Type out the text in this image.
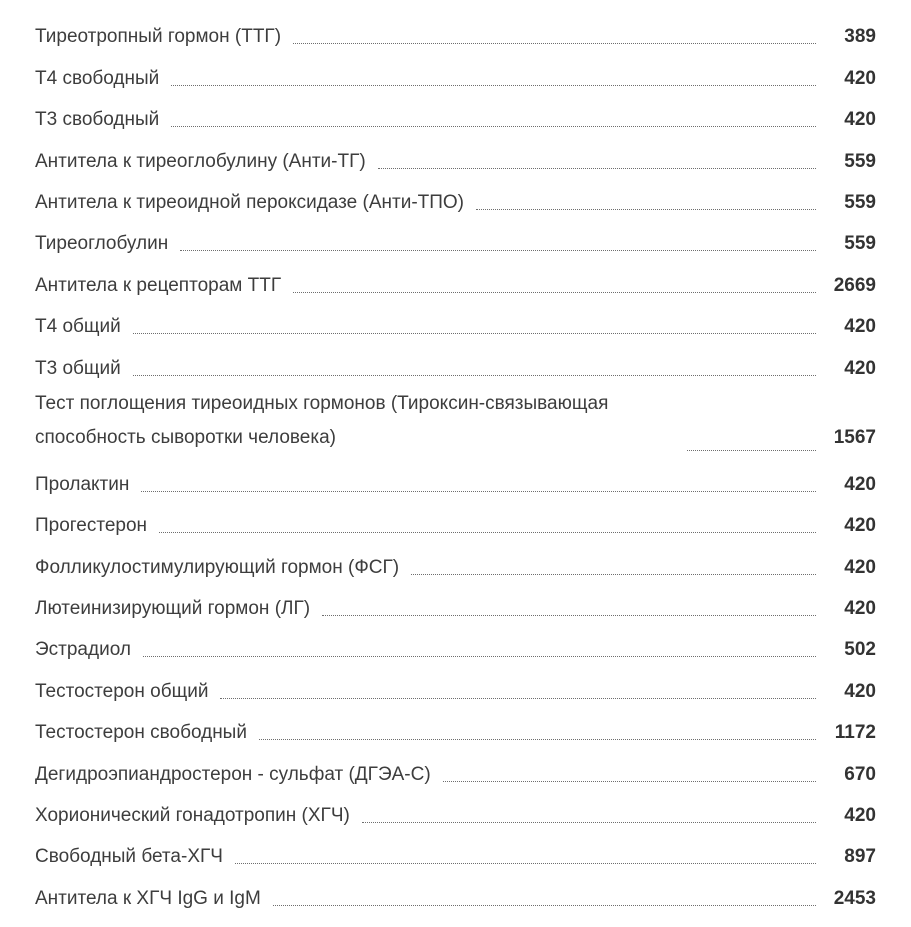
Тиреотропный гормон (ТТГ)	389
Т4 свободный	420
Т3 свободный	420
Антитела к тиреоглобулину (Анти-ТГ)	559
Антитела к тиреоидной пероксидазе (Анти-ТПО)	559
Тиреоглобулин	559
Антитела к рецепторам ТТГ	2669
Т4 общий	420
Т3 общий	420
Тест поглощения тиреоидных гормонов (Тироксин-связывающая способность сыворотки человека)	1567
Пролактин	420
Прогестерон	420
Фолликулостимулирующий гормон (ФСГ)	420
Лютеинизирующий гормон (ЛГ)	420
Эстрадиол	502
Тестостерон общий	420
Тестостерон свободный	1172
Дегидроэпиандростерон - сульфат (ДГЭА-С)	670
Хорионический гонадотропин (ХГЧ)	420
Свободный бета-ХГЧ	897
Антитела к ХГЧ IgG и IgM	2453
